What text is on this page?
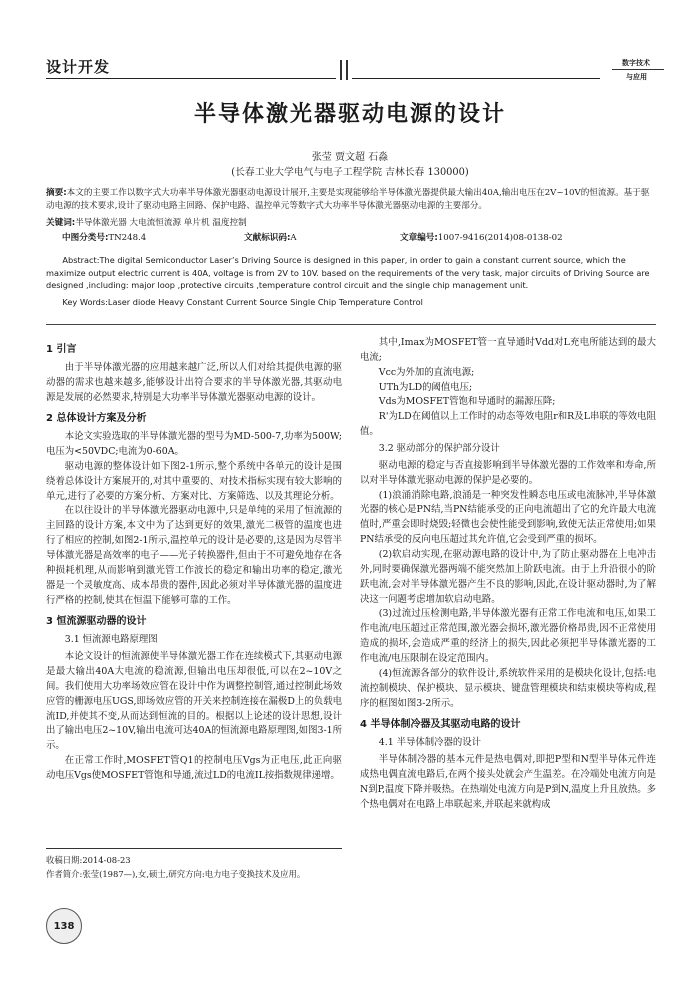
设计开发	数字技术
与应用
半导体激光器驱动电源的设计
张莹 贾文超 石淼
(长春工业大学电气与电子工程学院 吉林长春 130000)
摘要:本文的主要工作以数字式大功率半导体激光器驱动电源设计展开,主要是实现能够给半导体激光器提供最大输出40A,输出电压在2V~10V的恒流源。基于驱动电源的技术要求,设计了驱动电路主回路、保护电路、温控单元等数字式大功率半导体激光器驱动电源的主要部分。
关键词:半导体激光器 大电流恒流源 单片机 温度控制
中图分类号:TN248.4	文献标识码:A	文章编号:1007-9416(2014)08-0138-02
Abstract:The digital Semiconductor Laser’s Driving Source is designed in this paper, in order to gain a constant current source, which the maximize output electric current is 40A, voltage is from 2V to 10V. based on the requirements of the very task, major circuits of Driving Source are designed ,including: major loop ,protective circuits ,temperature control circuit and the single chip management unit.
Key Words:Laser diode Heavy Constant Current Source Single Chip Temperature Control
1 引言

由于半导体激光器的应用越来越广泛,所以人们对给其提供电源的驱动器的需求也越来越多,能够设计出符合要求的半导体激光器,其驱动电源是发展的必然要求,特别是大功率半导体激光器驱动电源的设计。

2 总体设计方案及分析

本论文实验选取的半导体激光器的型号为MD-500-7,功率为500W;电压为<50VDC;电流为0-60A。

驱动电源的整体设计如下图2-1所示,整个系统中各单元的设计是围绕着总体设计方案展开的,对其中重要的、对技术指标实现有较大影响的单元,进行了必要的方案分析、方案对比、方案筛选、以及其理论分析。

在以往设计的半导体激光器驱动电源中,只是单纯的采用了恒流源的主回路的设计方案,本文中为了达到更好的效果,激光二极管的温度也进行了相应的控制,如图2-1所示,温控单元的设计是必要的,这是因为尽管半导体激光器是高效率的电子——光子转换器件,但由于不可避免地存在各种损耗机理,从而影响到激光管工作波长的稳定和输出功率的稳定,激光器是一个灵敏度高、成本昂贵的器件,因此必须对半导体激光器的温度进行严格的控制,使其在恒温下能够可靠的工作。

3 恒流源驱动器的设计
3.1 恒流源电路原理图

本论文设计的恒流源使半导体激光器工作在连续模式下,其驱动电源是最大输出40A大电流的稳流源,但输出电压却很低,可以在2~10V之间。我们使用大功率场效应管在设计中作为调整控制管,通过控制此场效应管的栅源电压UGS,即场效应管的开关来控制连接在漏极D上的负载电流ID,并使其不变,从而达到恒流的目的。根据以上论述的设计思想,设计出了输出电压2~10V,输出电流可达40A的恒流源电路原理图,如图3-1所示。

在正常工作时,MOSFET管Q1的控制电压Vgs为正电压,此正向驱动电压Vgs使MOSFET管饱和导通,流过LD的电流IL按指数规律递增。

其中,Imax为MOSFET管一直导通时Vdd对L充电所能达到的最大电流;

Vcc为外加的直流电源;

UTh为LD的阈值电压;

Vds为MOSFET管饱和导通时的漏源压降;

R'为LD在阈值以上工作时的动态等效电阻r和R及L串联的等效电阻值。

3.2 驱动部分的保护部分设计

驱动电源的稳定与否直接影响到半导体激光器的工作效率和寿命,所以对半导体激光驱动电源的保护是必要的。

(1)浪涌消除电路,浪涌是一种突发性瞬态电压或电流脉冲,半导体激光器的核心是PN结,当PN结能承受的正向电流超出了它的允许最大电流值时,严重会即时烧毁;轻微也会使性能受到影响,致使无法正常使用;如果PN结承受的反向电压超过其允许值,它会受到严重的损坏。

(2)软启动实现,在驱动源电路的设计中,为了防止驱动器在上电冲击外,同时要确保激光器两端不能突然加上阶跃电流。由于上升沿很小的阶跃电流,会对半导体激光器产生不良的影响,因此,在设计驱动器时,为了解决这一问题考虑增加软启动电路。

(3)过流过压检测电路,半导体激光器有正常工作电流和电压,如果工作电流/电压超过正常范围,激光器会损坏,激光器价格昂贵,因不正常使用造成的损坏,会造成严重的经济上的损失,因此必须把半导体激光器的工作电流/电压限制在设定范围内。

(4)恒流源各部分的软件设计,系统软件采用的是模块化设计,包括:电流控制模块、保护模块、显示模块、键盘管理模块和结束模块等构成,程序的框图如图3-2所示。

4 半导体制冷器及其驱动电路的设计
4.1 半导体制冷器的设计

半导体制冷器的基本元件是热电偶对,即把P型和N型半导体元件连成热电偶直流电路后,在两个接头处就会产生温差。在冷端处电流方向是N到P,温度下降并吸热。在热端处电流方向是P到N,温度上升且放热。多个热电偶对在电路上串联起来,并联起来就构成

收稿日期:2014-08-23
作者简介:张莹(1987—),女,硕士,研究方向:电力电子变换技术及应用。
138
